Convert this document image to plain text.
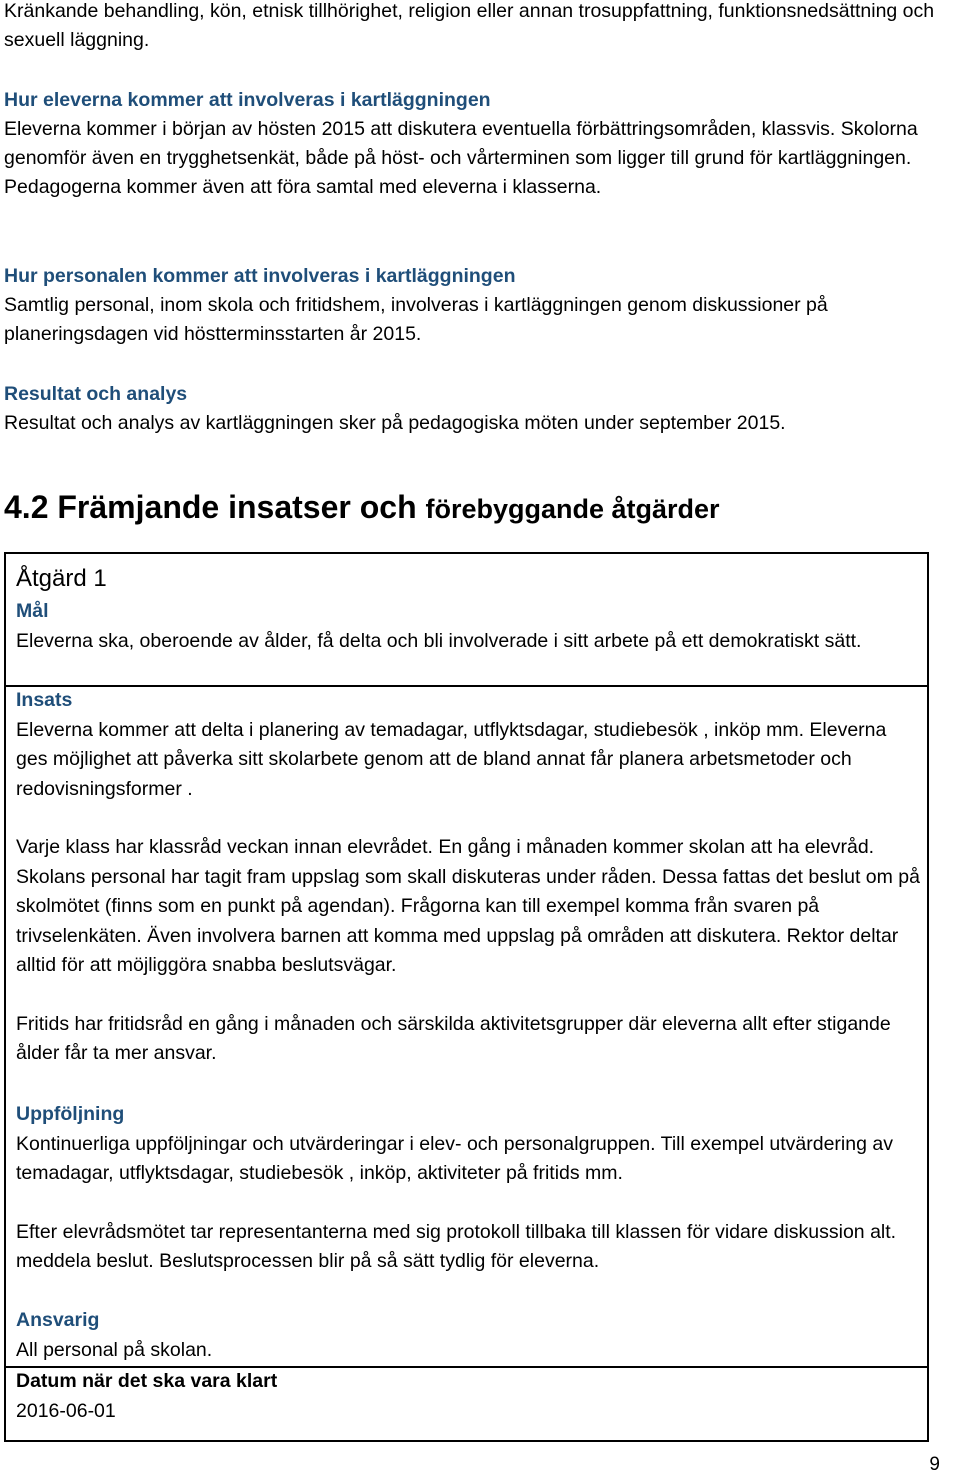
Kränkande behandling, kön, etnisk tillhörighet, religion eller annan trosuppfattning, funktionsnedsättning och sexuell läggning.

Hur eleverna kommer att involveras i kartläggningen

Eleverna kommer i början av hösten 2015 att diskutera eventuella förbättringsområden, klassvis. Skolorna genomför även en trygghetsenkät, både på höst- och vårterminen som ligger till grund för kartläggningen. Pedagogerna kommer även att föra samtal med eleverna i klasserna.

Hur personalen kommer att involveras i kartläggningen

Samtlig personal, inom skola och fritidshem, involveras i kartläggningen genom diskussioner på planeringsdagen vid höstterminsstarten år 2015.

Resultat och analys

Resultat och analys av kartläggningen sker på pedagogiska möten under september 2015.

4.2 Främjande insatser och förebyggande åtgärder
Åtgärd 1

Mål

Eleverna ska, oberoende av ålder, få delta och bli involverade i sitt arbete på ett demokratiskt sätt.

Insats

Eleverna kommer att delta i planering av temadagar, utflyktsdagar, studiebesök , inköp mm. Eleverna ges möjlighet att påverka sitt skolarbete genom att de bland annat får planera arbetsmetoder och redovisningsformer .

Varje klass har klassråd veckan innan elevrådet. En gång i månaden kommer skolan att ha elevråd. Skolans personal har tagit fram uppslag som skall diskuteras under råden. Dessa fattas det beslut om på skolmötet (finns som en punkt på agendan). Frågorna kan till exempel komma från svaren på trivselenkäten. Även involvera barnen att komma med uppslag på områden att diskutera. Rektor deltar alltid för att möjliggöra snabba beslutsvägar.

Fritids har fritidsråd en gång i månaden och särskilda aktivitetsgrupper där eleverna allt efter stigande ålder får ta mer ansvar.

Uppföljning

Kontinuerliga uppföljningar och utvärderingar i elev- och personalgruppen. Till exempel utvärdering av temadagar, utflyktsdagar, studiebesök , inköp, aktiviteter på fritids mm.

Efter elevrådsmötet tar representanterna med sig protokoll tillbaka till klassen för vidare diskussion alt. meddela beslut. Beslutsprocessen blir på så sätt tydlig för eleverna.

Ansvarig

All personal på skolan.

Datum när det ska vara klart

2016-06-01

9
